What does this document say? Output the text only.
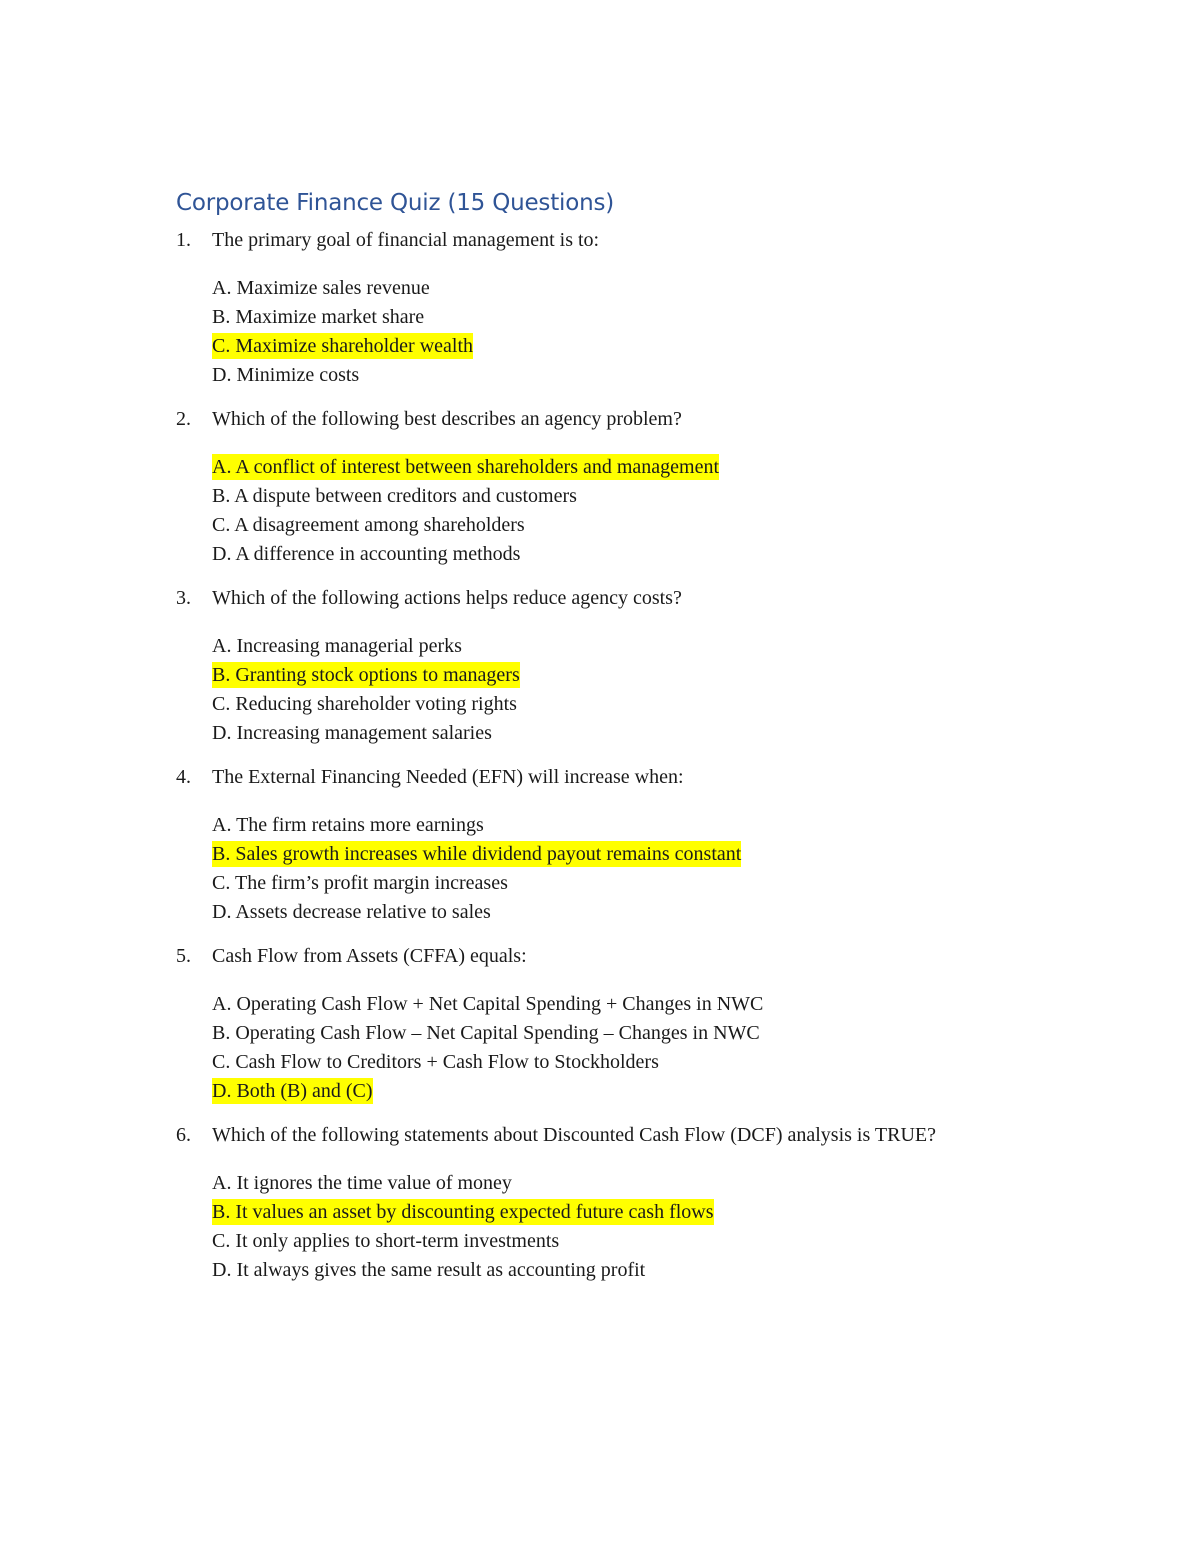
Corporate Finance Quiz (15 Questions)
1.	The primary goal of financial management is to:
A. Maximize sales revenue
B. Maximize market share
C. Maximize shareholder wealth
D. Minimize costs
2.	Which of the following best describes an agency problem?
A. A conflict of interest between shareholders and management
B. A dispute between creditors and customers
C. A disagreement among shareholders
D. A difference in accounting methods
3.	Which of the following actions helps reduce agency costs?
A. Increasing managerial perks
B. Granting stock options to managers
C. Reducing shareholder voting rights
D. Increasing management salaries
4.	The External Financing Needed (EFN) will increase when:
A. The firm retains more earnings
B. Sales growth increases while dividend payout remains constant
C. The firm’s profit margin increases
D. Assets decrease relative to sales
5.	Cash Flow from Assets (CFFA) equals:
A. Operating Cash Flow + Net Capital Spending + Changes in NWC
B. Operating Cash Flow – Net Capital Spending – Changes in NWC
C. Cash Flow to Creditors + Cash Flow to Stockholders
D. Both (B) and (C)
6.	Which of the following statements about Discounted Cash Flow (DCF) analysis is TRUE?
A. It ignores the time value of money
B. It values an asset by discounting expected future cash flows
C. It only applies to short-term investments
D. It always gives the same result as accounting profit
